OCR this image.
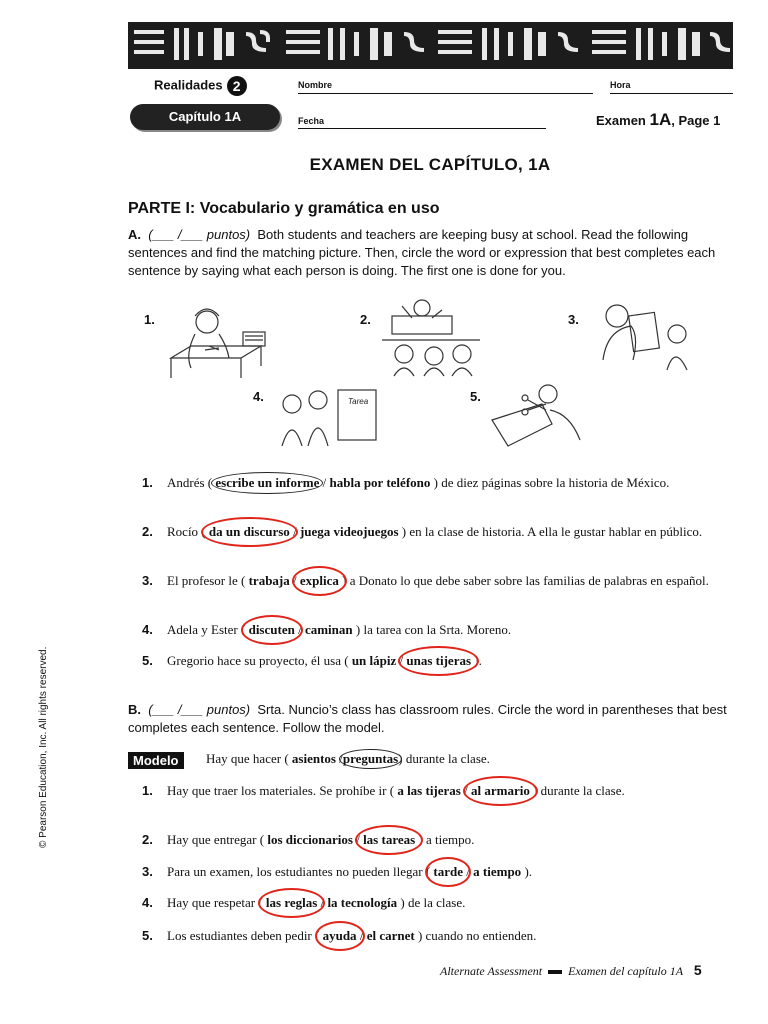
Realidades 2
Capítulo 1A
Nombre	Hora
Fecha	Examen 1A, Page 1
EXAMEN DEL CAPÍTULO, 1A
PARTE I: Vocabulario y gramática en uso
A. (___ /___ puntos) Both students and teachers are keeping busy at school. Read the following sentences and find the matching picture. Then, circle the word or expression that best completes each sentence by saying what each person is doing. The first one is done for you.
1.	2.	3.
4.	Tarea	5.
1. Andrés ( escribe un informe / habla por teléfono ) de diez páginas sobre la historia de México.
2. Rocío ( da un discurso / juega videojuegos ) en la clase de historia. A ella le gustar hablar en público.
3. El profesor le ( trabaja /
explica ) a Donato lo que debe saber sobre las familias de palabras en español.
4. Adela y Ester ( discuten / caminan ) la tarea con la Srta. Moreno.
5. Gregorio hace su proyecto, él usa ( un lápiz /
unas tijeras ).
B. (___ /___ puntos) Srta. Nuncio’s class has classroom rules. Circle the word in parentheses that best completes each sentence. Follow the model.
Modelo	Hay que hacer ( asientos /
preguntas) durante la clase.
1. Hay que traer los materiales. Se prohíbe ir ( a las tijeras /
al armario ) durante la clase.
2. Hay que entregar ( los diccionarios /
las tareas ) a tiempo.
3. Para un examen, los estudiantes no pueden llegar ( tarde / a tiempo ).
4. Hay que respetar ( las reglas / la tecnología ) de la clase.
5. Los estudiantes deben pedir ( ayuda / el carnet ) cuando no entienden.
© Pearson Education, Inc. All rights reserved.
Alternate Assessment Examen del capítulo 1A 5
